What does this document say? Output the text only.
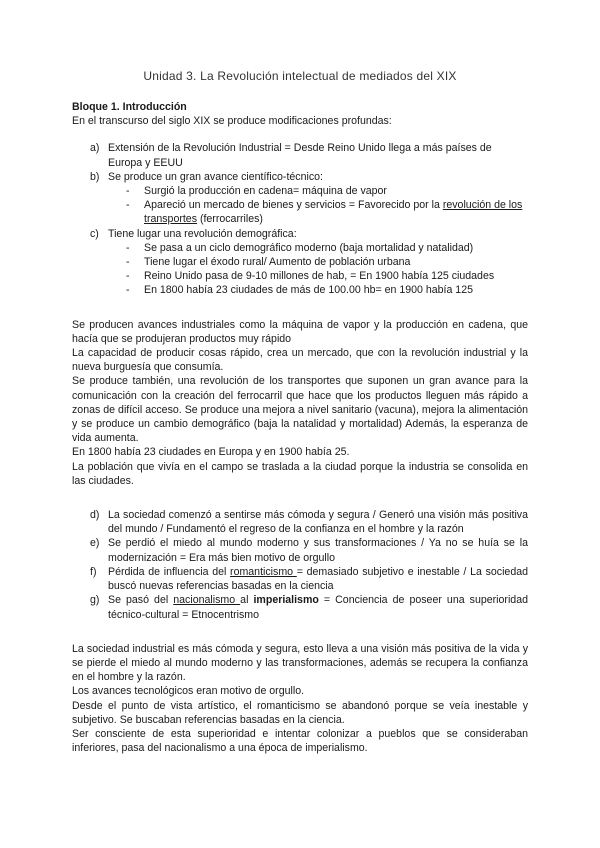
Unidad 3. La Revolución intelectual de mediados del XIX

Bloque 1. Introducción

En el transcurso del siglo XIX se produce modificaciones profundas:

a) Extensión de la Revolución Industrial = Desde Reino Unido llega a más países de Europa y EEUU
b) Se produce un gran avance científico-técnico:
- Surgió la producción en cadena= máquina de vapor
- Apareció un mercado de bienes y servicios = Favorecido por la revolución de los transportes (ferrocarriles)
c) Tiene lugar una revolución demográfica:
- Se pasa a un ciclo demográfico moderno (baja mortalidad y natalidad)
- Tiene lugar el éxodo rural/ Aumento de población urbana
- Reino Unido pasa de 9-10 millones de hab, = En 1900 había 125 ciudades
- En 1800 había 23 ciudades de más de 100.00 hb= en 1900 había 125

Se producen avances industriales como la máquina de vapor y la producción en cadena, que hacía que se produjeran productos muy rápido

La capacidad de producir cosas rápido, crea un mercado, que con la revolución industrial y la nueva burguesía que consumía.

Se produce también, una revolución de los transportes que suponen un gran avance para la comunicación con la creación del ferrocarril que hace que los productos lleguen más rápido a zonas de difícil acceso. Se produce una mejora a nivel sanitario (vacuna), mejora la alimentación y se produce un cambio demográfico (baja la natalidad y mortalidad) Además, la esperanza de vida aumenta.

En 1800 había 23 ciudades en Europa y en 1900 había 25.

La población que vivía en el campo se traslada a la ciudad porque la industria se consolida en las ciudades.

d) La sociedad comenzó a sentirse más cómoda y segura / Generó una visión más positiva del mundo / Fundamentó el regreso de la confianza en el hombre y la razón
e) Se perdió el miedo al mundo moderno y sus transformaciones / Ya no se huía se la modernización = Era más bien motivo de orgullo
f) Pérdida de influencia del romanticismo = demasiado subjetivo e inestable / La sociedad buscó nuevas referencias basadas en la ciencia
g) Se pasó del nacionalismo al imperialismo = Conciencia de poseer una superioridad técnico-cultural = Etnocentrismo

La sociedad industrial es más cómoda y segura, esto lleva a una visión más positiva de la vida y se pierde el miedo al mundo moderno y las transformaciones, además se recupera la confianza en el hombre y la razón.

Los avances tecnológicos eran motivo de orgullo.

Desde el punto de vista artístico, el romanticismo se abandonó porque se veía inestable y subjetivo. Se buscaban referencias basadas en la ciencia.

Ser consciente de esta superioridad e intentar colonizar a pueblos que se consideraban inferiores, pasa del nacionalismo a una época de imperialismo.
